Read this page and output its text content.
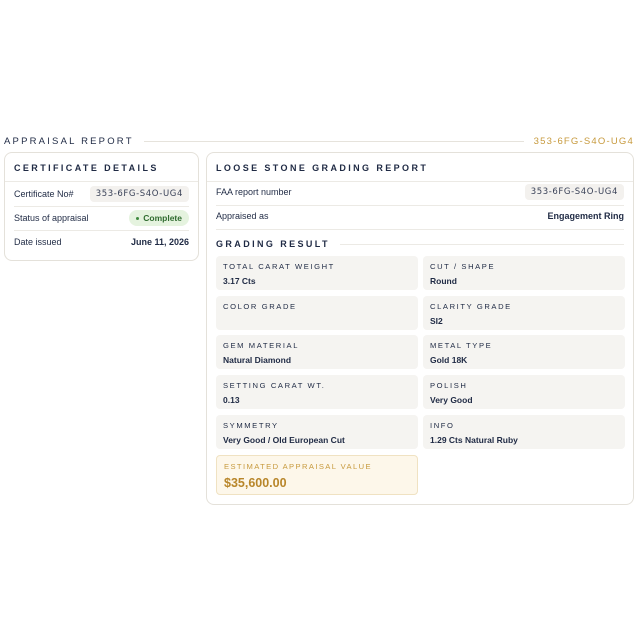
APPRAISAL REPORT	353-6FG-S4O-UG4
CERTIFICATE DETAILS
Certificate No#	353-6FG-S4O-UG4
Status of appraisal	Complete
Date issued	June 11, 2026
LOOSE STONE GRADING REPORT
FAA report number	353-6FG-S4O-UG4
Appraised as	Engagement Ring
GRADING RESULT
TOTAL CARAT WEIGHT
3.17 Cts
CUT / SHAPE
Round
COLOR GRADE	CLARITY GRADE
SI2
GEM MATERIAL
Natural Diamond
METAL TYPE
Gold 18K
SETTING CARAT WT.
0.13
POLISH
Very Good
SYMMETRY
Very Good / Old European Cut
INFO
1.29 Cts Natural Ruby
ESTIMATED APPRAISAL VALUE
$35,600.00
